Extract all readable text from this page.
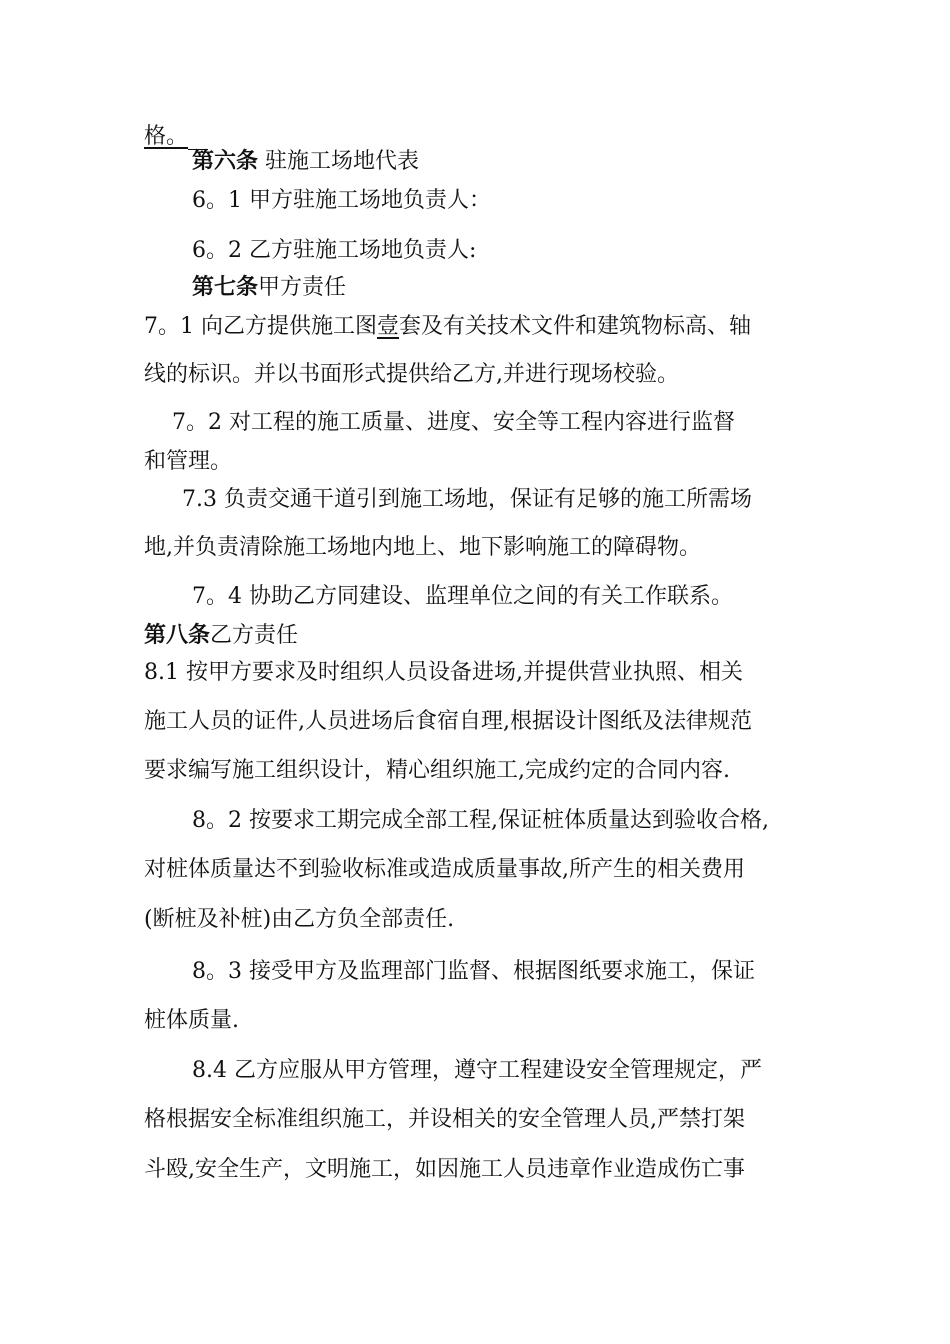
格。
第六条 驻施工场地代表
6。1 甲方驻施工场地负责人：
6。2 乙方驻施工场地负责人:
第七条甲方责任
7。1 向乙方提供施工图壹套及有关技术文件和建筑物标高、轴
线的标识。并以书面形式提供给乙方,并进行现场校验。
7。2 对工程的施工质量、进度、安全等工程内容进行监督
和管理。
7.3 负责交通干道引到施工场地，保证有足够的施工所需场
地,并负责清除施工场地内地上、地下影响施工的障碍物。
7。4 协助乙方同建设、监理单位之间的有关工作联系。
第八条乙方责任
8.1 按甲方要求及时组织人员设备进场,并提供营业执照、相关
施工人员的证件,人员进场后食宿自理,根据设计图纸及法律规范
要求编写施工组织设计，精心组织施工,完成约定的合同内容.
8。2 按要求工期完成全部工程,保证桩体质量达到验收合格,
对桩体质量达不到验收标准或造成质量事故,所产生的相关费用
(断桩及补桩)由乙方负全部责任.
8。3 接受甲方及监理部门监督、根据图纸要求施工，保证
桩体质量.
8.4 乙方应服从甲方管理，遵守工程建设安全管理规定，严
格根据安全标准组织施工，并设相关的安全管理人员,严禁打架
斗殴,安全生产，文明施工，如因施工人员违章作业造成伤亡事
